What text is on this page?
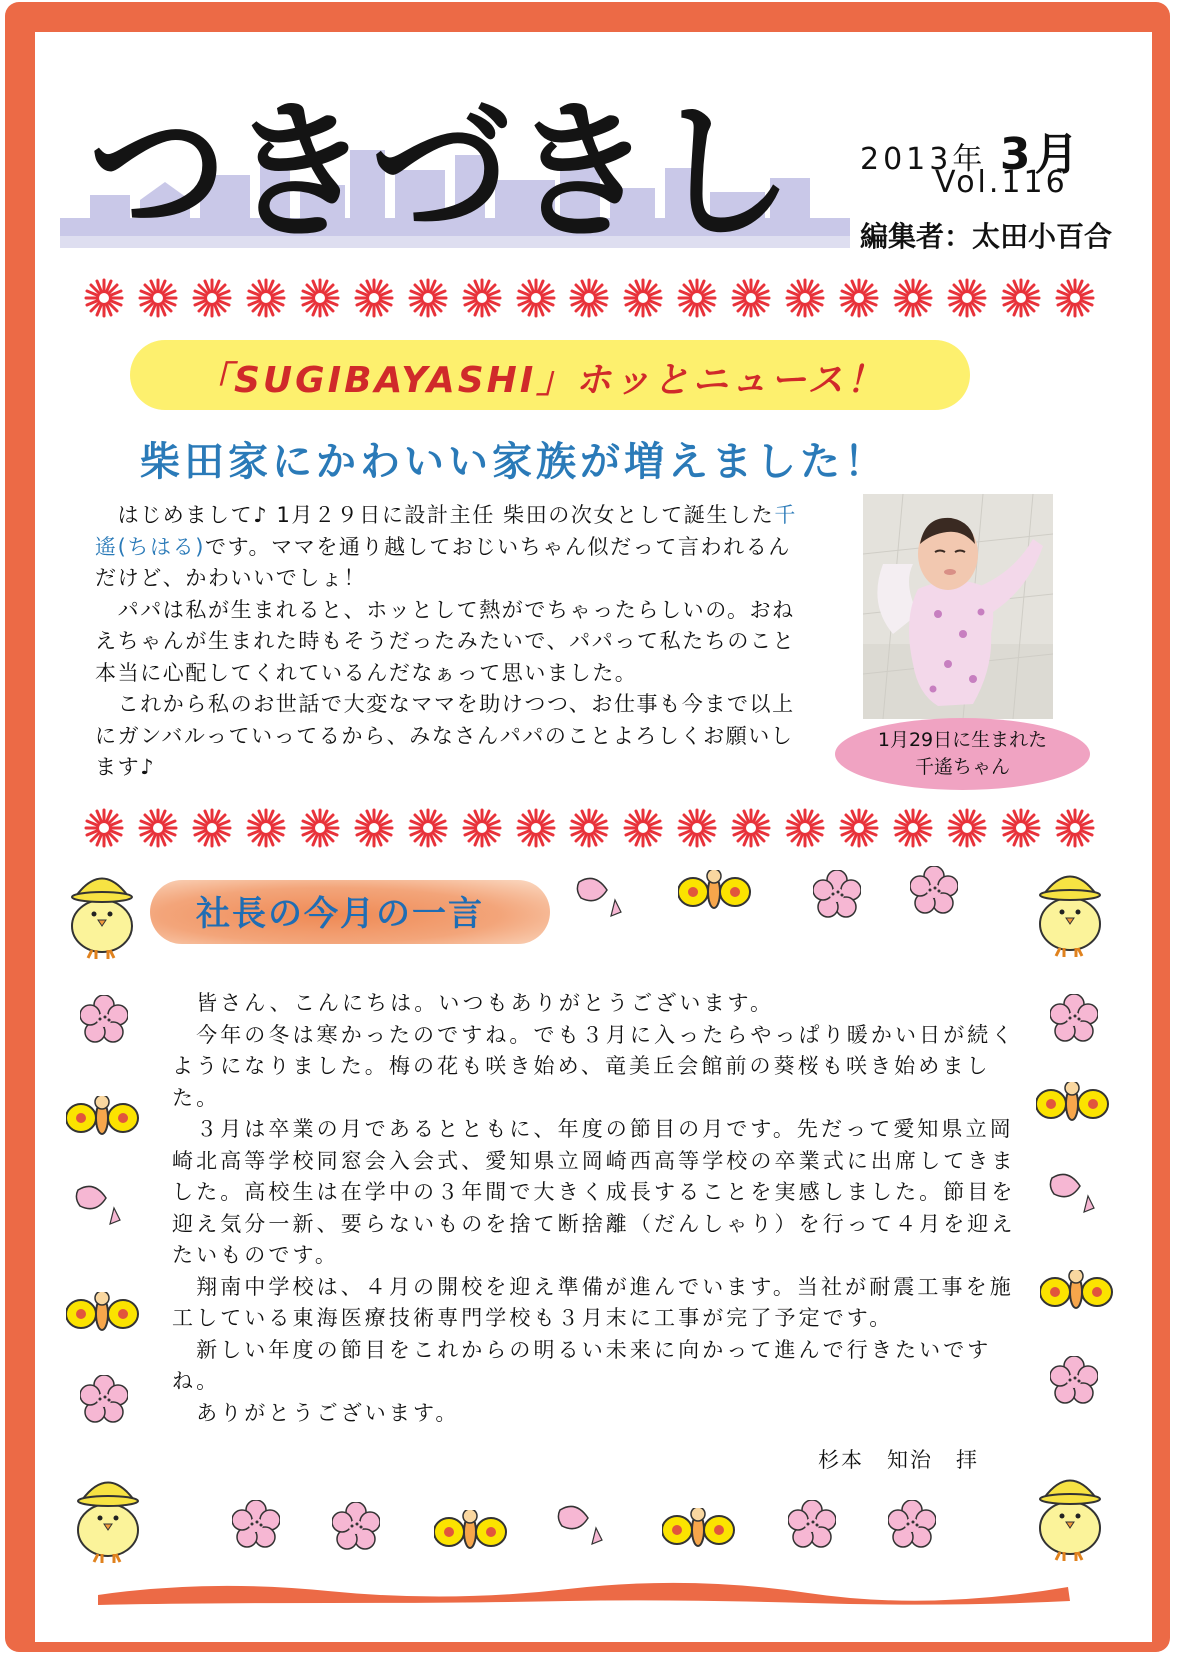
つきづきし 2013年 3月
Vol.116
編集者：太田小百合
「SUGIBAYASHI」ホッとニュース！
柴田家にかわいい家族が増えました！

　はじめまして♪ 1月２９日に設計主任 柴田の次女として誕生した千遙(ちはる)です。ママを通り越しておじいちゃん似だって言われるんだけど、かわいいでしょ！

　パパは私が生まれると、ホッとして熱がでちゃったらしいの。おねえちゃんが生まれた時もそうだったみたいで、パパって私たちのこと本当に心配してくれているんだなぁって思いました。

　これから私のお世話で大変なママを助けつつ、お仕事も今まで以上にガンバルっていってるから、みなさんパパのことよろしくお願いします♪

1月29日に生まれた
千遙ちゃん
社長の今月の一言

　皆さん、こんにちは。いつもありがとうございます。

　今年の冬は寒かったのですね。でも３月に入ったらやっぱり暖かい日が続くようになりました。梅の花も咲き始め、竜美丘会館前の葵桜も咲き始めました。

　３月は卒業の月であるとともに、年度の節目の月です。先だって愛知県立岡崎北高等学校同窓会入会式、愛知県立岡崎西高等学校の卒業式に出席してきました。高校生は在学中の３年間で大きく成長することを実感しました。節目を迎え気分一新、要らないものを捨て断捨離（だんしゃり）を行って４月を迎えたいものです。

　翔南中学校は、４月の開校を迎え準備が進んでいます。当社が耐震工事を施工している東海医療技術専門学校も３月末に工事が完了予定です。

　新しい年度の節目をこれからの明るい未来に向かって進んで行きたいですね。

　ありがとうございます。

杉本　知治　拝
